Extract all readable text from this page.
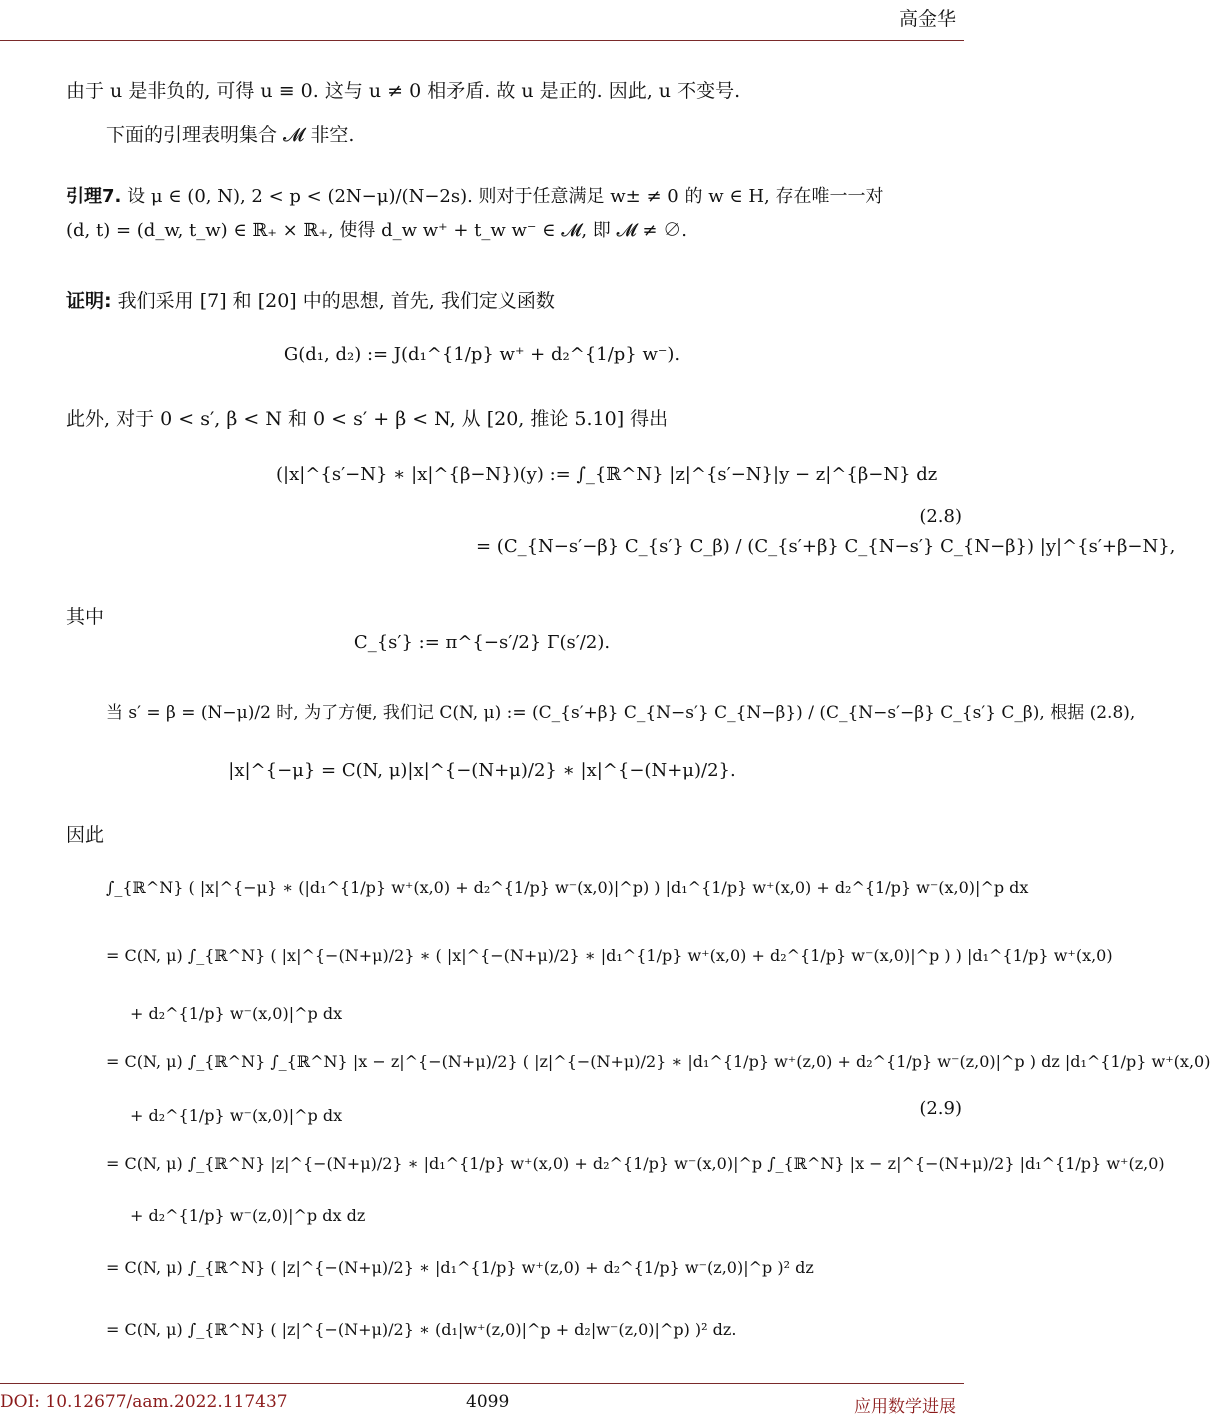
高金华
由于 u 是非负的, 可得 u ≡ 0. 这与 u ≠ 0 相矛盾. 故 u 是正的. 因此, u 不变号.
下面的引理表明集合 𝓜 非空.
引理7. 设 μ ∈ (0, N), 2 < p < (2N−μ)/(N−2s). 则对于任意满足 w± ≠ 0 的 w ∈ H, 存在唯一一对
(d, t) = (d_w, t_w) ∈ ℝ₊ × ℝ₊, 使得 d_w w⁺ + t_w w⁻ ∈ 𝓜, 即 𝓜 ≠ ∅.
证明: 我们采用 [7] 和 [20] 中的思想, 首先, 我们定义函数
G(d₁, d₂) := J(d₁^{1/p} w⁺ + d₂^{1/p} w⁻).
此外, 对于 0 < s′, β < N 和 0 < s′ + β < N, 从 [20, 推论 5.10] 得出
(|x|^{s′−N} ∗ |x|^{β−N})(y) := ∫_{ℝ^N} |z|^{s′−N}|y − z|^{β−N} dz
= (C_{N−s′−β} C_{s′} C_β) / (C_{s′+β} C_{N−s′} C_{N−β}) |y|^{s′+β−N},
(2.8)
其中
C_{s′} := π^{−s′/2} Γ(s′/2).
当 s′ = β = (N−μ)/2 时, 为了方便, 我们记 C(N, μ) := (C_{s′+β} C_{N−s′} C_{N−β}) / (C_{N−s′−β} C_{s′} C_β), 根据 (2.8),
|x|^{−μ} = C(N, μ)|x|^{−(N+μ)/2} ∗ |x|^{−(N+μ)/2}.
因此
∫_{ℝ^N} ( |x|^{−μ} ∗ (|d₁^{1/p} w⁺(x,0) + d₂^{1/p} w⁻(x,0)|^p) ) |d₁^{1/p} w⁺(x,0) + d₂^{1/p} w⁻(x,0)|^p dx
= C(N, μ) ∫_{ℝ^N} ( |x|^{−(N+μ)/2} ∗ ( |x|^{−(N+μ)/2} ∗ |d₁^{1/p} w⁺(x,0) + d₂^{1/p} w⁻(x,0)|^p ) ) |d₁^{1/p} w⁺(x,0)
+ d₂^{1/p} w⁻(x,0)|^p dx
= C(N, μ) ∫_{ℝ^N} ∫_{ℝ^N} |x − z|^{−(N+μ)/2} ( |z|^{−(N+μ)/2} ∗ |d₁^{1/p} w⁺(z,0) + d₂^{1/p} w⁻(z,0)|^p ) dz |d₁^{1/p} w⁺(x,0)
+ d₂^{1/p} w⁻(x,0)|^p dx
= C(N, μ) ∫_{ℝ^N} |z|^{−(N+μ)/2} ∗ |d₁^{1/p} w⁺(x,0) + d₂^{1/p} w⁻(x,0)|^p ∫_{ℝ^N} |x − z|^{−(N+μ)/2} |d₁^{1/p} w⁺(z,0)
+ d₂^{1/p} w⁻(z,0)|^p dx dz
= C(N, μ) ∫_{ℝ^N} ( |z|^{−(N+μ)/2} ∗ |d₁^{1/p} w⁺(z,0) + d₂^{1/p} w⁻(z,0)|^p )² dz
= C(N, μ) ∫_{ℝ^N} ( |z|^{−(N+μ)/2} ∗ (d₁|w⁺(z,0)|^p + d₂|w⁻(z,0)|^p) )² dz.
(2.9)
DOI: 10.12677/aam.2022.117437	4099	应用数学进展
